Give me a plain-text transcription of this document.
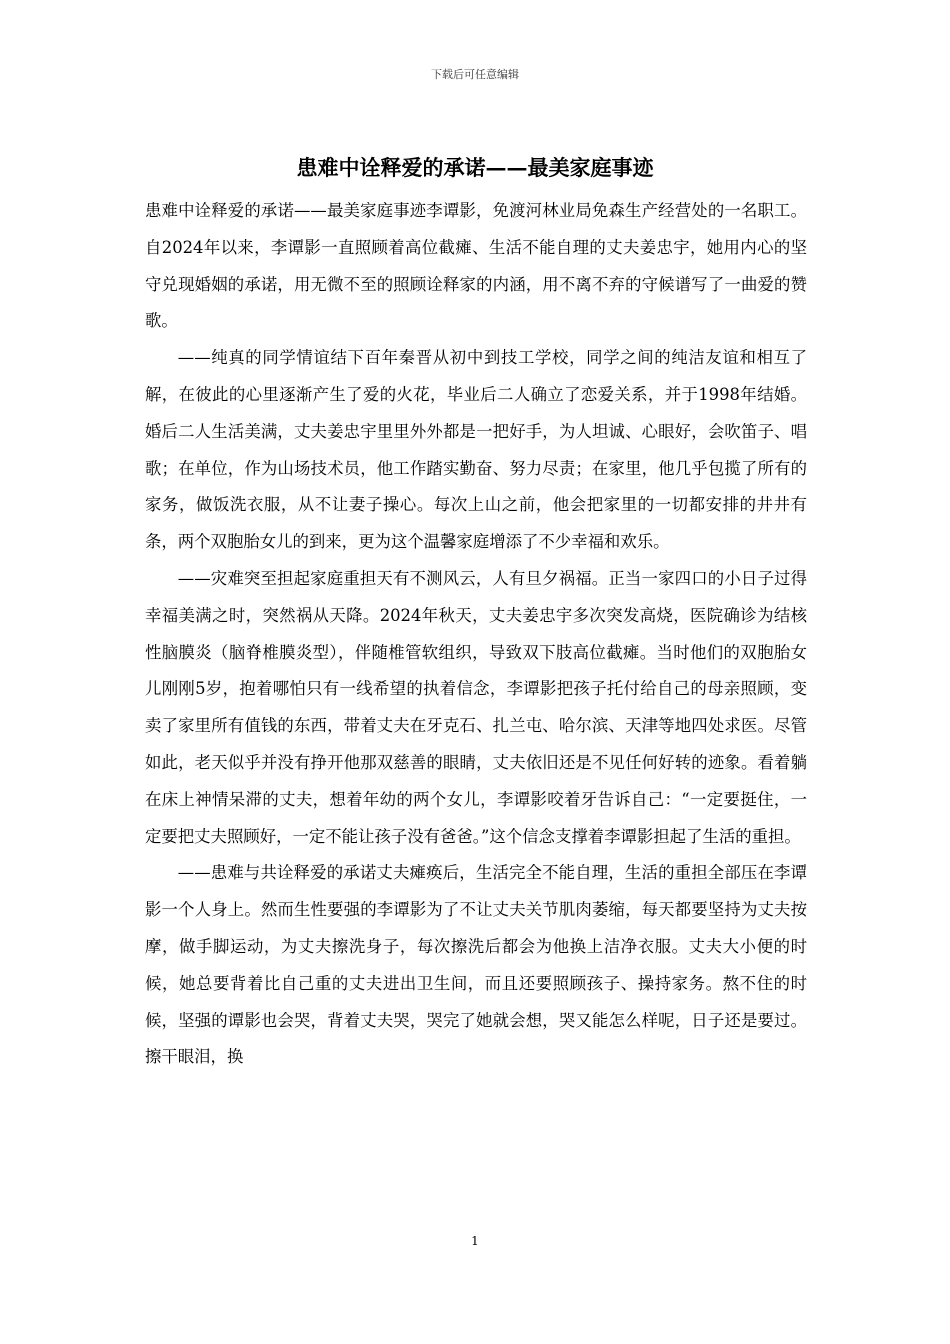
下载后可任意编辑
患难中诠释爱的承诺——最美家庭事迹

患难中诠释爱的承诺——最美家庭事迹李谭影，免渡河林业局免森生产经营处的一名职工。自2024年以来，李谭影一直照顾着高位截瘫、生活不能自理的丈夫姜忠宇，她用内心的坚守兑现婚姻的承诺，用无微不至的照顾诠释家的内涵，用不离不弃的守候谱写了一曲爱的赞歌。

——纯真的同学情谊结下百年秦晋从初中到技工学校，同学之间的纯洁友谊和相互了解，在彼此的心里逐渐产生了爱的火花，毕业后二人确立了恋爱关系，并于1998年结婚。婚后二人生活美满，丈夫姜忠宇里里外外都是一把好手，为人坦诚、心眼好，会吹笛子、唱歌；在单位，作为山场技术员，他工作踏实勤奋、努力尽责；在家里，他几乎包揽了所有的家务，做饭洗衣服，从不让妻子操心。每次上山之前，他会把家里的一切都安排的井井有条，两个双胞胎女儿的到来，更为这个温馨家庭增添了不少幸福和欢乐。

——灾难突至担起家庭重担天有不测风云，人有旦夕祸福。正当一家四口的小日子过得幸福美满之时，突然祸从天降。2024年秋天，丈夫姜忠宇多次突发高烧，医院确诊为结核性脑膜炎（脑脊椎膜炎型），伴随椎管软组织，导致双下肢高位截瘫。当时他们的双胞胎女儿刚刚5岁，抱着哪怕只有一线希望的执着信念，李谭影把孩子托付给自己的母亲照顾，变卖了家里所有值钱的东西，带着丈夫在牙克石、扎兰屯、哈尔滨、天津等地四处求医。尽管如此，老天似乎并没有挣开他那双慈善的眼睛，丈夫依旧还是不见任何好转的迹象。看着躺在床上神情呆滞的丈夫，想着年幼的两个女儿，李谭影咬着牙告诉自己：“一定要挺住，一定要把丈夫照顾好，一定不能让孩子没有爸爸。”这个信念支撑着李谭影担起了生活的重担。

——患难与共诠释爱的承诺丈夫瘫痪后，生活完全不能自理，生活的重担全部压在李谭影一个人身上。然而生性要强的李谭影为了不让丈夫关节肌肉萎缩，每天都要坚持为丈夫按摩，做手脚运动，为丈夫擦洗身子，每次擦洗后都会为他换上洁净衣服。丈夫大小便的时候，她总要背着比自己重的丈夫进出卫生间，而且还要照顾孩子、操持家务。熬不住的时候，坚强的谭影也会哭，背着丈夫哭，哭完了她就会想，哭又能怎么样呢，日子还是要过。擦干眼泪，换

1
